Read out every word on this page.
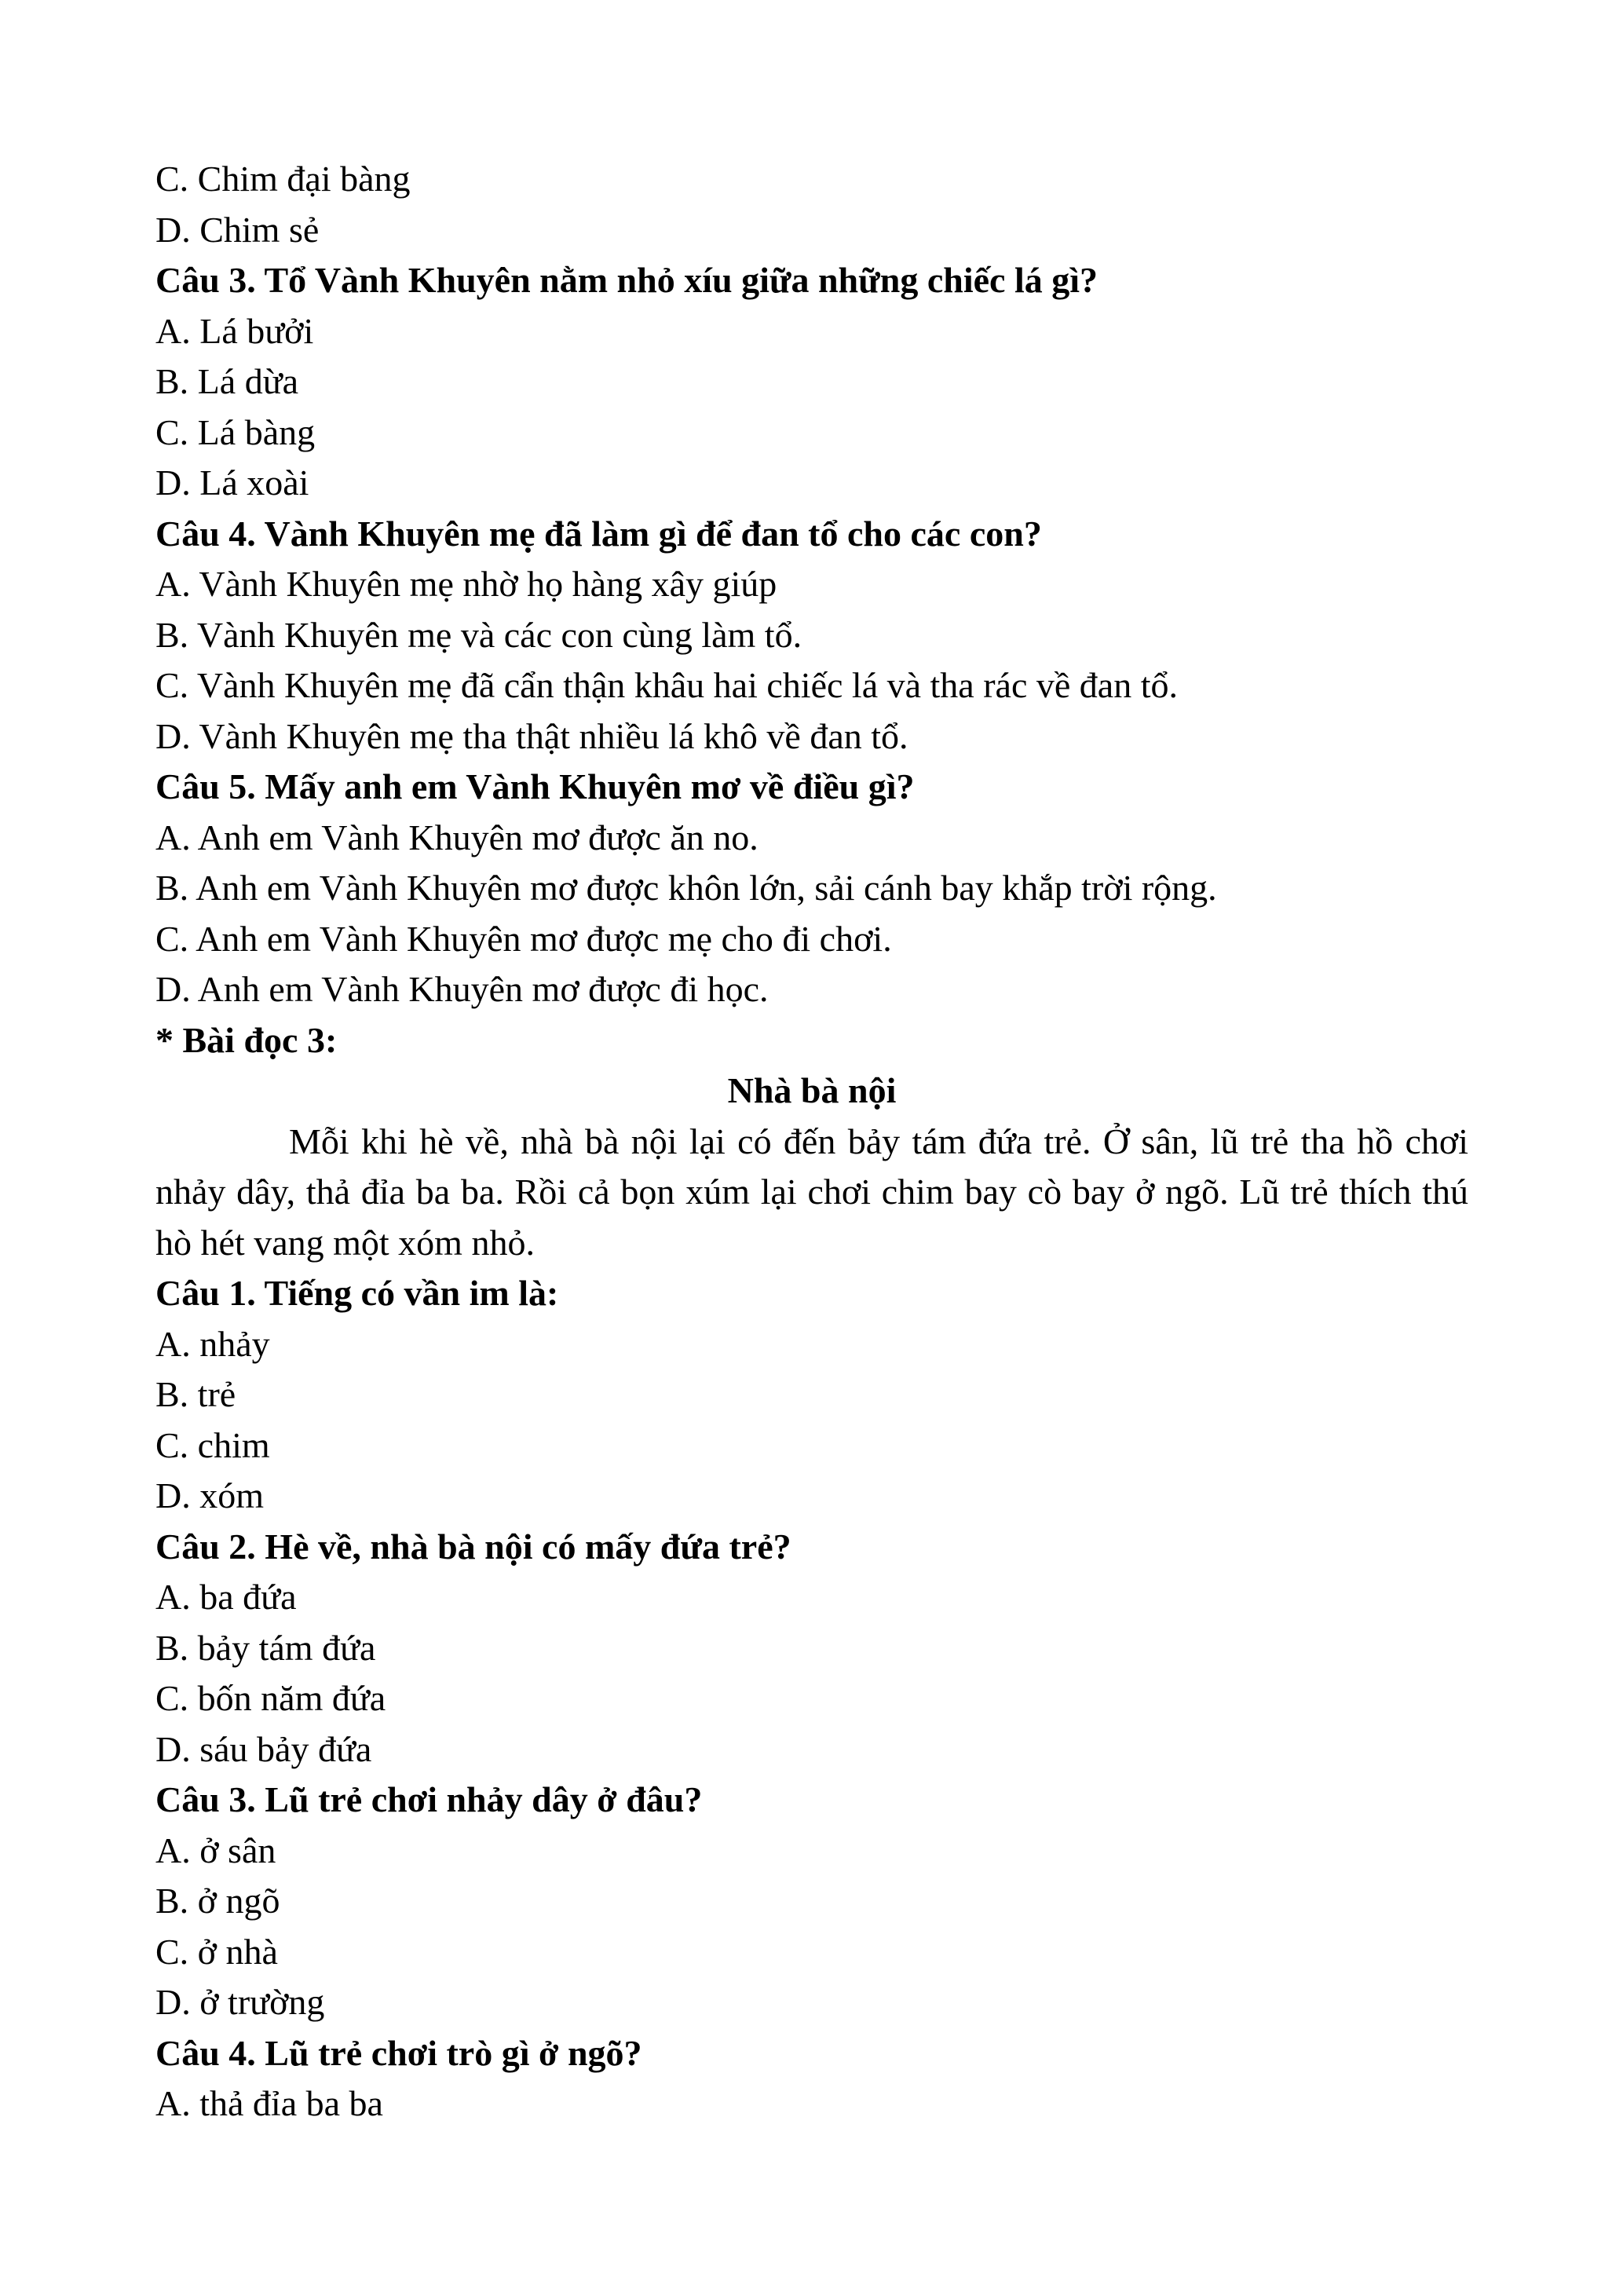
C. Chim đại bàng
D. Chim sẻ
Câu 3. Tổ Vành Khuyên nằm nhỏ xíu giữa những chiếc lá gì?
A. Lá bưởi
B. Lá dừa
C. Lá bàng
D. Lá xoài
Câu 4. Vành Khuyên mẹ đã làm gì để đan tổ cho các con?
A. Vành Khuyên mẹ nhờ họ hàng xây giúp
B. Vành Khuyên mẹ và các con cùng làm tổ.
C. Vành Khuyên mẹ đã cẩn thận khâu hai chiếc lá và tha rác về đan tổ.
D. Vành Khuyên mẹ tha thật nhiều lá khô về đan tổ.
Câu 5. Mấy anh em Vành Khuyên mơ về điều gì?
A. Anh em Vành Khuyên mơ được ăn no.
B. Anh em Vành Khuyên mơ được khôn lớn, sải cánh bay khắp trời rộng.
C. Anh em Vành Khuyên mơ được mẹ cho đi chơi.
D. Anh em Vành Khuyên mơ được đi học.
* Bài đọc 3:
Nhà bà nội
Mỗi khi hè về, nhà bà nội lại có đến bảy tám đứa trẻ. Ở sân, lũ trẻ tha hồ chơi nhảy dây, thả đỉa ba ba. Rồi cả bọn xúm lại chơi chim bay cò bay ở ngõ. Lũ trẻ thích thú hò hét vang một xóm nhỏ.
Câu 1. Tiếng có vần im là:
A. nhảy
B. trẻ
C. chim
D. xóm
Câu 2. Hè về, nhà bà nội có mấy đứa trẻ?
A. ba đứa
B. bảy tám đứa
C. bốn năm đứa
D. sáu bảy đứa
Câu 3. Lũ trẻ chơi nhảy dây ở đâu?
A. ở sân
B. ở ngõ
C. ở nhà
D. ở trường
Câu 4. Lũ trẻ chơi trò gì ở ngõ?
A. thả đỉa ba ba
